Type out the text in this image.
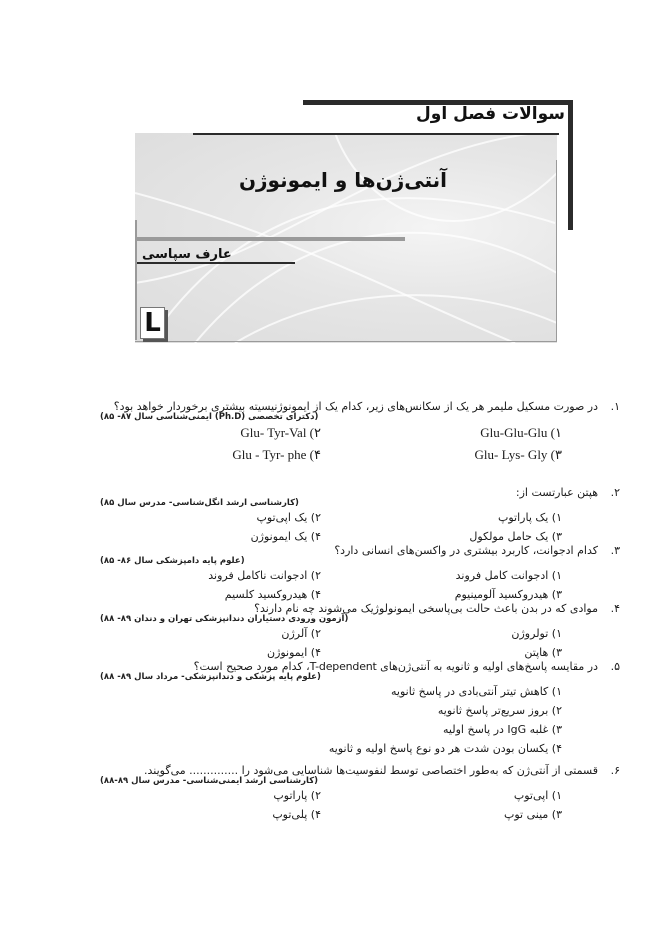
سوالات فصل اول
آنتی‌ژن‌ها و ایمونوژن
عارف سپاسی
L
۱.
در صورت مسکیل ملیمر هر یک از سکانس‌های زیر، کدام یک از ایمونوژنیسیته بیشتری برخوردار خواهد بود؟
(دکترای تخصصی (Ph.D) ایمنی‌شناسی سال ۸۷- ۸۵)
Glu-Glu-Glu (۱
Glu- Tyr-Val (۲
Glu- Lys- Gly (۳
Glu - Tyr- phe (۴
۲.
هپتن عبارتست از:
(کارشناسی ارشد انگل‌شناسی- مدرس سال ۸۵)
۱) یک پاراتوپ
۲) یک اپی‌توپ
۳) یک حامل مولکول
۴) یک ایمونوژن
۳.
کدام ادجوانت، کاربرد بیشتری در واکسن‌های انسانی دارد؟
(علوم پایه دامپزشکی سال ۸۶- ۸۵)
۱) ادجوانت کامل فروند
۲) ادجوانت ناکامل فروند
۳) هیدروکسید آلومینیوم
۴) هیدروکسید کلسیم
۴.
موادی که در بدن باعث حالت بی‌پاسخی ایمونولوژیک می‌شوند چه نام دارند؟
(آزمون ورودی دستیاران دندانپزشکی تهران و دندان ۸۹- ۸۸)
۱) تولروژن
۲) آلرژن
۳) هاپتن
۴) ایمونوژن
۵.
در مقایسه پاسخ‌های اولیه و ثانویه به آنتی‌ژن‌های T-dependent، کدام مورد صحیح است؟
(علوم پایه پزشکی و دندانپزشکی- مرداد سال ۸۹- ۸۸)
۱) کاهش تیتر آنتی‌بادی در پاسخ ثانویه
۲) بروز سریع‌تر پاسخ ثانویه
۳) غلبه IgG در پاسخ اولیه
۴) یکسان بودن شدت هر دو نوع پاسخ اولیه و ثانویه
۶.
قسمتی از آنتی‌ژن که به‌طور اختصاصی توسط لنفوسیت‌ها شناسایی می‌شود را .............. می‌گویند.
(کارشناسی ارشد ایمنی‌شناسی- مدرس سال ۸۹-۸۸)
۱) اپی‌توپ
۲) پاراتوپ
۳) مینی توپ
۴) پلی‌توپ
